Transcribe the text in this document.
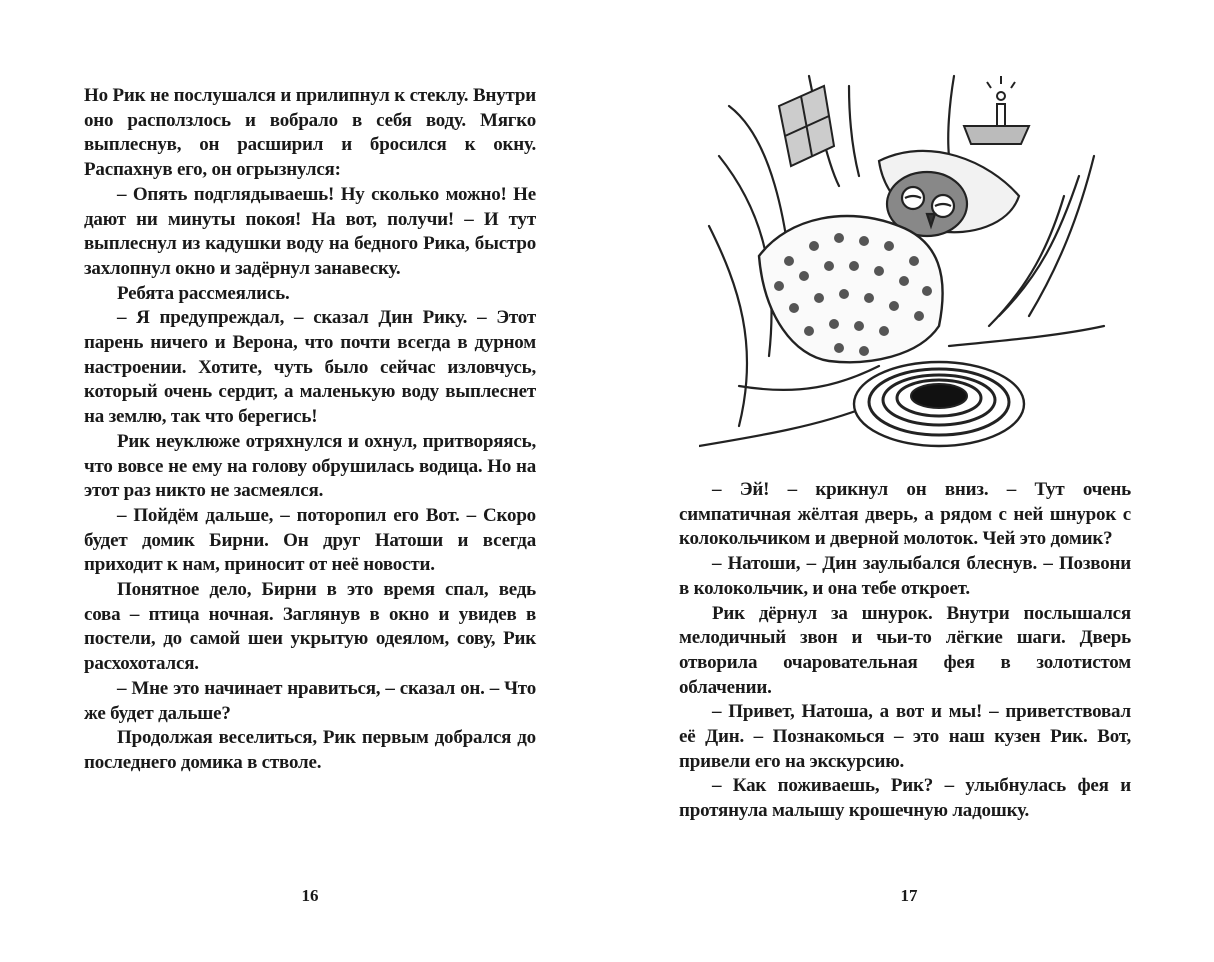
Но Рик не послушался и прилипнул к стеклу. Внутри оно расползлось и вобрало в себя воду. Мягко выплеснув, он расширил и бросился к окну. Распахнув его, он огрызнулся:

– Опять подглядываешь! Ну сколько можно! Не дают ни минуты покоя! На вот, получи! – И тут выплеснул из кадушки воду на бедного Рика, быстро захлопнул окно и задёрнул занавеску.

Ребята рассмеялись.

– Я предупреждал, – сказал Дин Рику. – Этот парень ничего и Верона, что почти всегда в дурном настроении. Хотите, чуть было сейчас изловчусь, который очень сердит, а маленькую воду выплеснет на землю, так что берегись!

Рик неуклюже отряхнулся и охнул, притворяясь, что вовсе не ему на голову обрушилась водица. Но на этот раз никто не засмеялся.

– Пойдём дальше, – поторопил его Вот. – Скоро будет домик Бирни. Он друг Натоши и всегда приходит к нам, приносит от неё новости.

Понятное дело, Бирни в это время спал, ведь сова – птица ночная. Заглянув в окно и увидев в постели, до самой шеи укрытую одеялом, сову, Рик расхохотался.

– Мне это начинает нравиться, – сказал он. – Что же будет дальше?

Продолжая веселиться, Рик первым добрался до последнего домика в стволе.

16

– Эй! – крикнул он вниз. – Тут очень симпатичная жёлтая дверь, а рядом с ней шнурок с колокольчиком и дверной молоток. Чей это домик?

– Натоши, – Дин заулыбался блеснув. – Позвони в колокольчик, и она тебе откроет.

Рик дёрнул за шнурок. Внутри послышался мелодичный звон и чьи-то лёгкие шаги. Дверь отворила очаровательная фея в золотистом облачении.

– Привет, Натоша, а вот и мы! – приветствовал её Дин. – Познакомься – это наш кузен Рик. Вот, привели его на экскурсию.

– Как поживаешь, Рик? – улыбнулась фея и протянула малышу крошечную ладошку.

17
